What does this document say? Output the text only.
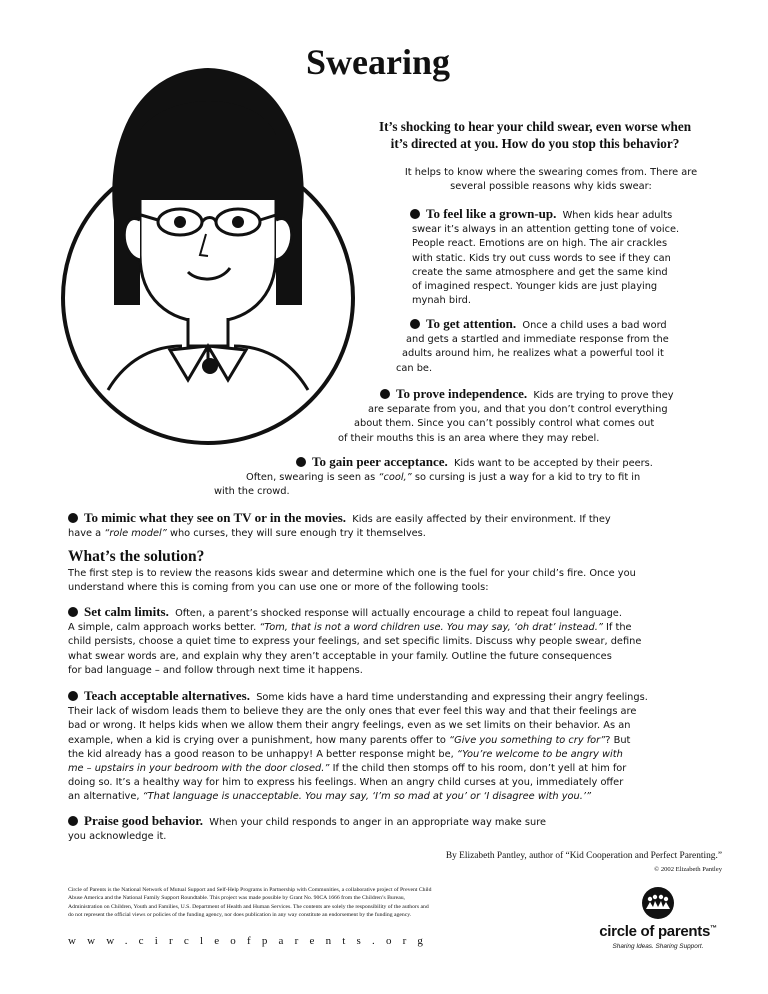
Swearing
It’s shocking to hear your child swear, even worse when
it’s directed at you. How do you stop this behavior?
It helps to know where the swearing comes from. There are
several possible reasons why kids swear:
To feel like a grown-up. When kids hear adults
swear it’s always in an attention getting tone of voice.
People react. Emotions are on high. The air crackles
with static. Kids try out cuss words to see if they can
create the same atmosphere and get the same kind
of imagined respect. Younger kids are just playing
mynah bird.
To get attention. Once a child uses a bad word
and gets a startled and immediate response from the
adults around him, he realizes what a powerful tool it
can be.
To prove independence. Kids are trying to prove they
are separate from you, and that you don’t control everything
about them. Since you can’t possibly control what comes out
of their mouths this is an area where they may rebel.
To gain peer acceptance. Kids want to be accepted by their peers.
Often, swearing is seen as “cool,” so cursing is just a way for a kid to try to fit in
with the crowd.
To mimic what they see on TV or in the movies. Kids are easily affected by their environment. If they
have a “role model” who curses, they will sure enough try it themselves.
What’s the solution?
The first step is to review the reasons kids swear and determine which one is the fuel for your child’s fire. Once you
understand where this is coming from you can use one or more of the following tools:
Set calm limits. Often, a parent’s shocked response will actually encourage a child to repeat foul language.
A simple, calm approach works better. “Tom, that is not a word children use. You may say, ‘oh drat’ instead.” If the
child persists, choose a quiet time to express your feelings, and set specific limits. Discuss why people swear, define
what swear words are, and explain why they aren’t acceptable in your family. Outline the future consequences
for bad language – and follow through next time it happens.
Teach acceptable alternatives. Some kids have a hard time understanding and expressing their angry feelings.
Their lack of wisdom leads them to believe they are the only ones that ever feel this way and that their feelings are
bad or wrong. It helps kids when we allow them their angry feelings, even as we set limits on their behavior. As an
example, when a kid is crying over a punishment, how many parents offer to “Give you something to cry for”? But
the kid already has a good reason to be unhappy! A better response might be, “You’re welcome to be angry with
me – upstairs in your bedroom with the door closed.” If the child then stomps off to his room, don’t yell at him for
doing so. It’s a healthy way for him to express his feelings. When an angry child curses at you, immediately offer
an alternative, “That language is unacceptable. You may say, ‘I’m so mad at you’ or ‘I disagree with you.’”
Praise good behavior. When your child responds to anger in an appropriate way make sure
you acknowledge it.
By Elizabeth Pantley, author of “Kid Cooperation and Perfect Parenting.”
© 2002 Elizabeth Pantley
Circle of Parents is the National Network of Mutual Support and Self-Help Programs in Partnership with Communities, a collaborative project of Prevent Child
Abuse America and the National Family Support Roundtable. This project was made possible by Grant No. 90CA 1666 from the Children’s Bureau,
Administration on Children, Youth and Families, U.S. Department of Health and Human Services. The contents are solely the responsibility of the authors and
do not represent the official views or policies of the funding agency, nor does publication in any way constitute an endorsement by the funding agency.
www.circleofparents.org
circle of parents™
Sharing Ideas. Sharing Support.
